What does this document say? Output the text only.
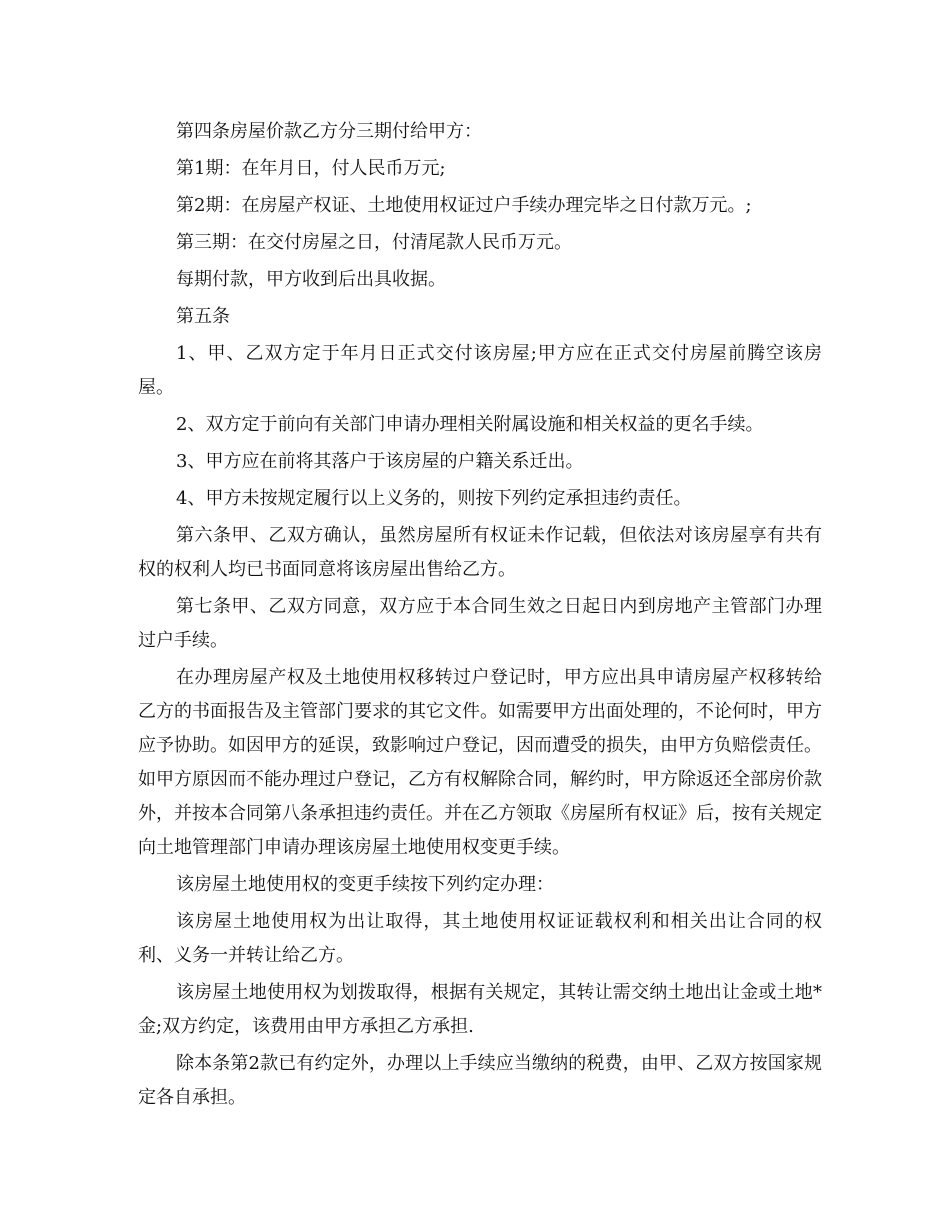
第四条房屋价款乙方分三期付给甲方：

第1期：在年月日，付人民币万元;

第2期：在房屋产权证、土地使用权证过户手续办理完毕之日付款万元。;

第三期：在交付房屋之日，付清尾款人民币万元。

每期付款，甲方收到后出具收据。

第五条

1、甲、乙双方定于年月日正式交付该房屋;甲方应在正式交付房屋前腾空该房屋。

2、双方定于前向有关部门申请办理相关附属设施和相关权益的更名手续。

3、甲方应在前将其落户于该房屋的户籍关系迁出。

4、甲方未按规定履行以上义务的，则按下列约定承担违约责任。

第六条甲、乙双方确认，虽然房屋所有权证未作记载，但依法对该房屋享有共有权的权利人均已书面同意将该房屋出售给乙方。

第七条甲、乙双方同意，双方应于本合同生效之日起日内到房地产主管部门办理过户手续。

在办理房屋产权及土地使用权移转过户登记时，甲方应出具申请房屋产权移转给乙方的书面报告及主管部门要求的其它文件。如需要甲方出面处理的，不论何时，甲方应予协助。如因甲方的延误，致影响过户登记，因而遭受的损失，由甲方负赔偿责任。如甲方原因而不能办理过户登记，乙方有权解除合同，解约时，甲方除返还全部房价款外，并按本合同第八条承担违约责任。并在乙方领取《房屋所有权证》后，按有关规定向土地管理部门申请办理该房屋土地使用权变更手续。

该房屋土地使用权的变更手续按下列约定办理：

该房屋土地使用权为出让取得，其土地使用权证证载权利和相关出让合同的权利、义务一并转让给乙方。

该房屋土地使用权为划拨取得，根据有关规定，其转让需交纳土地出让金或土地*金;双方约定，该费用由甲方承担乙方承担.

除本条第2款已有约定外，办理以上手续应当缴纳的税费，由甲、乙双方按国家规定各自承担。
